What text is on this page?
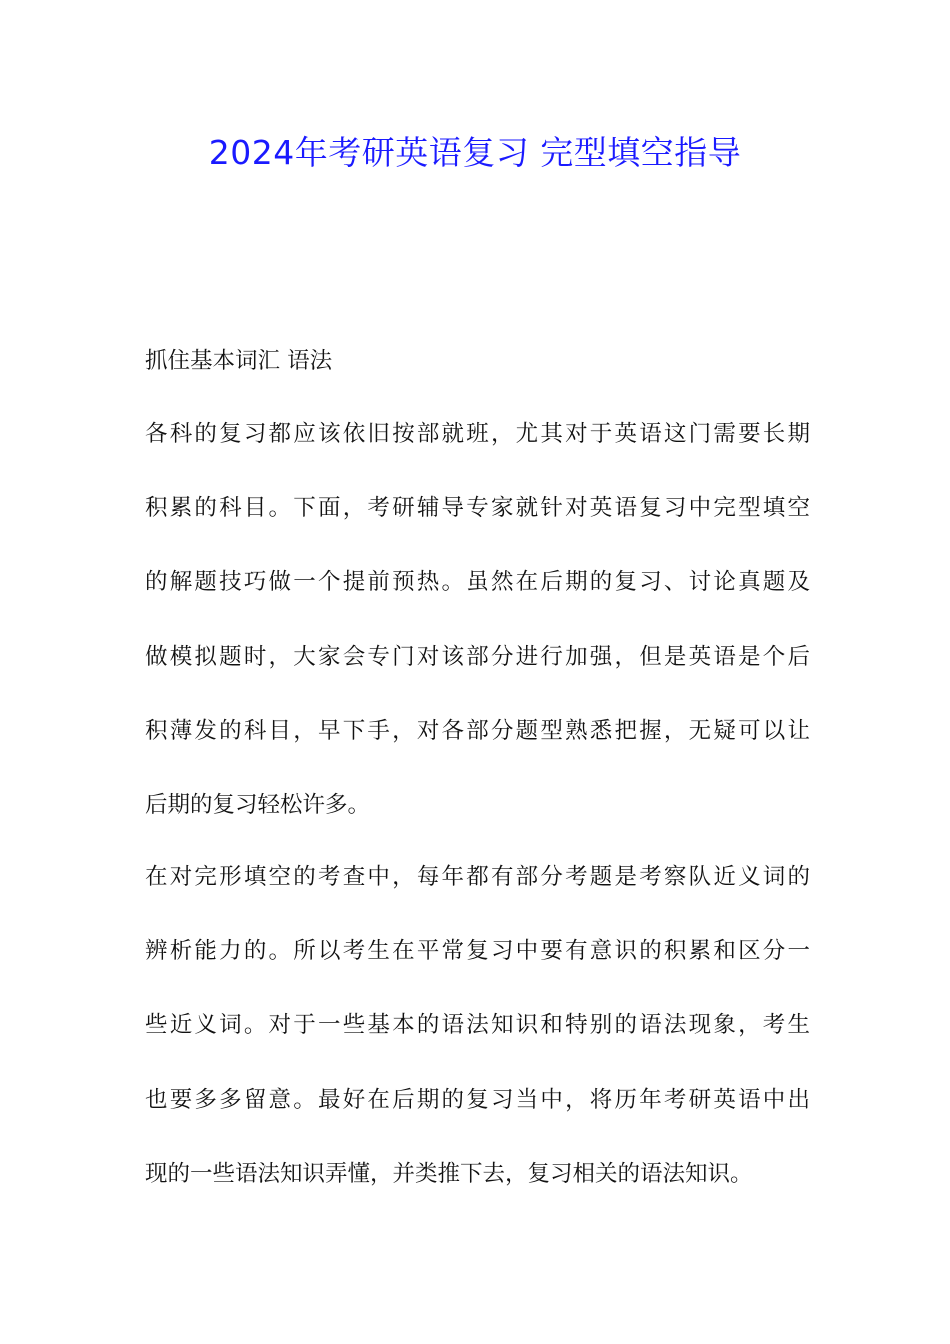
2024年考研英语复习 完型填空指导
抓住基本词汇 语法
各科的复习都应该依旧按部就班，尤其对于英语这门需要长期
积累的科目。下面，考研辅导专家就针对英语复习中完型填空
的解题技巧做一个提前预热。虽然在后期的复习、讨论真题及
做模拟题时，大家会专门对该部分进行加强，但是英语是个后
积薄发的科目，早下手，对各部分题型熟悉把握，无疑可以让
后期的复习轻松许多。
在对完形填空的考查中，每年都有部分考题是考察队近义词的
辨析能力的。所以考生在平常复习中要有意识的积累和区分一
些近义词。对于一些基本的语法知识和特别的语法现象，考生
也要多多留意。最好在后期的复习当中，将历年考研英语中出
现的一些语法知识弄懂，并类推下去，复习相关的语法知识。
